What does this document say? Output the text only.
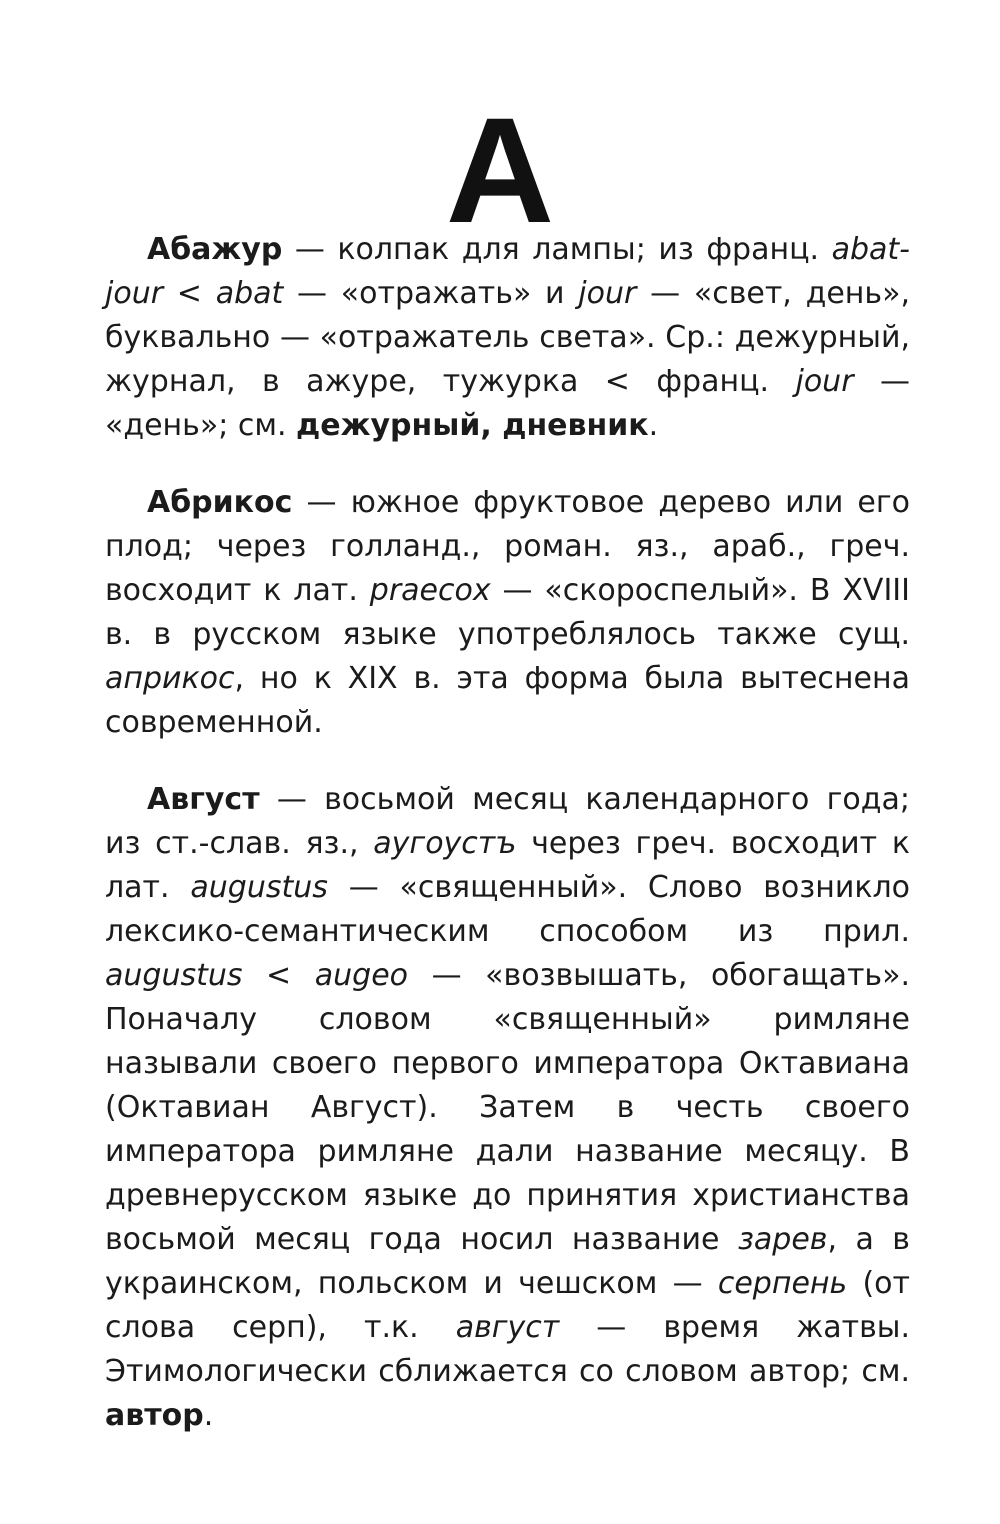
А

Абажур — колпак для лампы; из франц. abat-jour < abat — «отражать» и jour — «свет, день», буквально — «отражатель света». Ср.: дежурный, журнал, в ажуре, тужурка < франц. jour — «день»; см. дежурный, дневник.

Абрикос — южное фруктовое дерево или его плод; через голланд., роман. яз., араб., греч. восходит к лат. praecox — «скороспелый». В XVIII в. в русском языке употреблялось также сущ. априкос, но к XIX в. эта форма была вытеснена современной.

Август — восьмой месяц календарного года; из ст.-слав. яз., аугоустъ через греч. восходит к лат. augustus — «священный». Слово возникло лексико-семантическим способом из прил. augustus < augeo — «возвышать, обогащать». Поначалу словом «священный» римляне называли своего первого императора Октавиана (Октавиан Август). Затем в честь своего императора римляне дали название месяцу. В древнерусском языке до принятия христианства восьмой месяц года носил название зарев, а в украинском, польском и чешском — серпень (от слова серп), т.к. август — время жатвы. Этимологически сближается со словом автор; см. автор.
